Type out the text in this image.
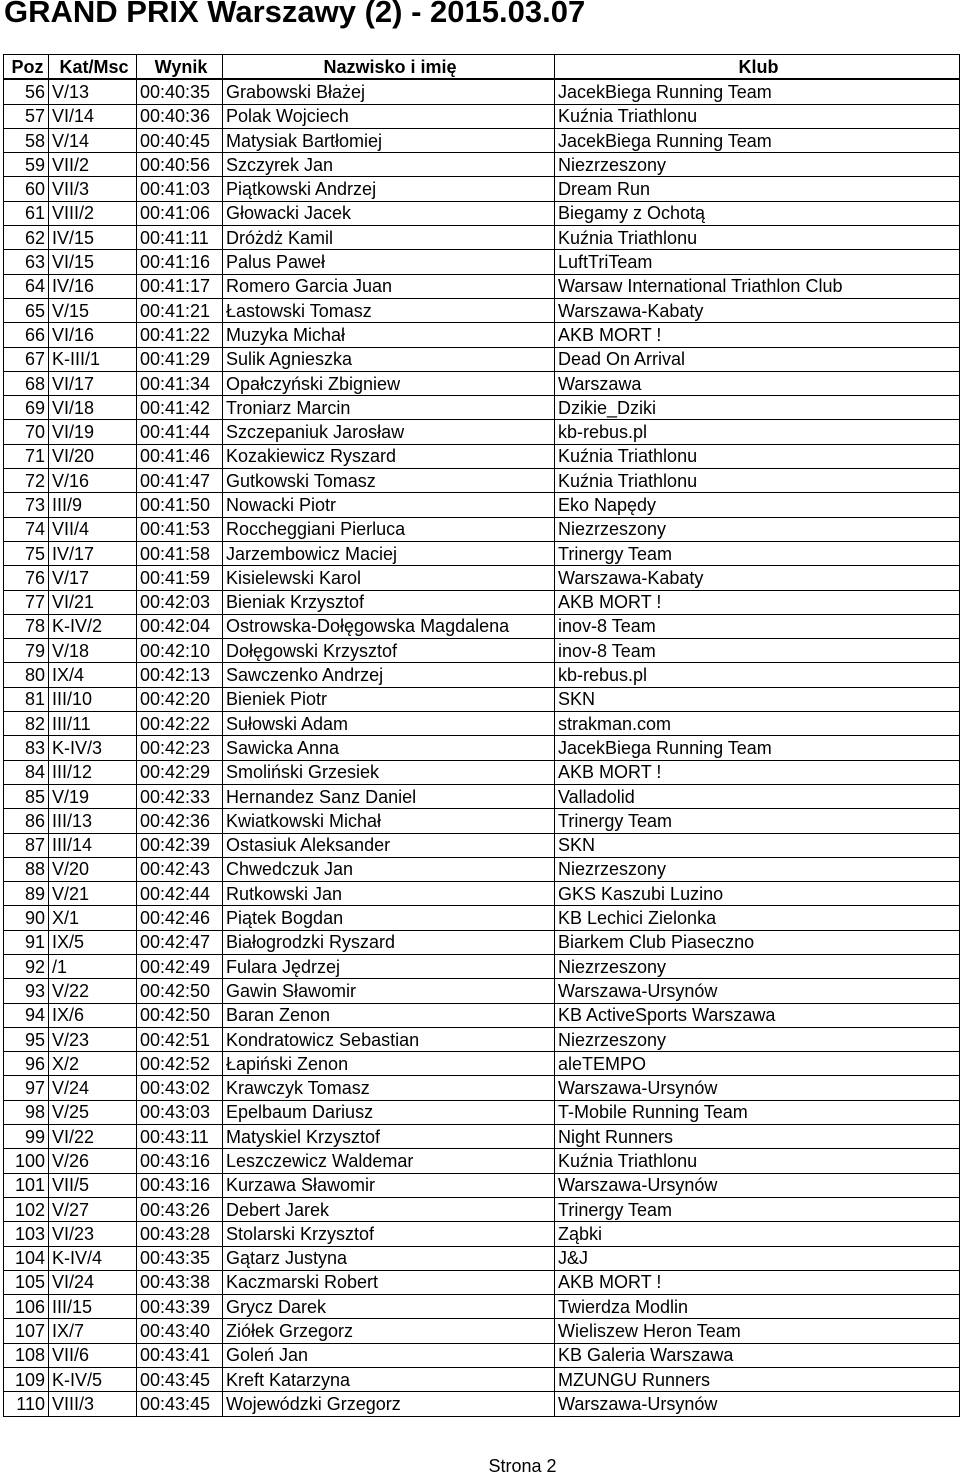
GRAND PRIX Warszawy (2) - 2015.03.07
Poz	Kat/Msc	Wynik	Nazwisko i imię	Klub
56	V/13	00:40:35	Grabowski Błażej	JacekBiega Running Team
57	VI/14	00:40:36	Polak Wojciech	Kuźnia Triathlonu
58	V/14	00:40:45	Matysiak Bartłomiej	JacekBiega Running Team
59	VII/2	00:40:56	Szczyrek Jan	Niezrzeszony
60	VII/3	00:41:03	Piątkowski Andrzej	Dream Run
61	VIII/2	00:41:06	Głowacki Jacek	Biegamy z Ochotą
62	IV/15	00:41:11	Dróżdż Kamil	Kuźnia Triathlonu
63	VI/15	00:41:16	Palus Paweł	LuftTriTeam
64	IV/16	00:41:17	Romero Garcia Juan	Warsaw International Triathlon Club
65	V/15	00:41:21	Łastowski Tomasz	Warszawa-Kabaty
66	VI/16	00:41:22	Muzyka Michał	AKB MORT !
67	K-III/1	00:41:29	Sulik Agnieszka	Dead On Arrival
68	VI/17	00:41:34	Opałczyński Zbigniew	Warszawa
69	VI/18	00:41:42	Troniarz Marcin	Dzikie_Dziki
70	VI/19	00:41:44	Szczepaniuk Jarosław	kb-rebus.pl
71	VI/20	00:41:46	Kozakiewicz Ryszard	Kuźnia Triathlonu
72	V/16	00:41:47	Gutkowski Tomasz	Kuźnia Triathlonu
73	III/9	00:41:50	Nowacki Piotr	Eko Napędy
74	VII/4	00:41:53	Roccheggiani Pierluca	Niezrzeszony
75	IV/17	00:41:58	Jarzembowicz Maciej	Trinergy Team
76	V/17	00:41:59	Kisielewski Karol	Warszawa-Kabaty
77	VI/21	00:42:03	Bieniak Krzysztof	AKB MORT !
78	K-IV/2	00:42:04	Ostrowska-Dołęgowska Magdalena	inov-8 Team
79	V/18	00:42:10	Dołęgowski Krzysztof	inov-8 Team
80	IX/4	00:42:13	Sawczenko Andrzej	kb-rebus.pl
81	III/10	00:42:20	Bieniek Piotr	SKN
82	III/11	00:42:22	Sułowski Adam	strakman.com
83	K-IV/3	00:42:23	Sawicka Anna	JacekBiega Running Team
84	III/12	00:42:29	Smoliński Grzesiek	AKB MORT !
85	V/19	00:42:33	Hernandez Sanz Daniel	Valladolid
86	III/13	00:42:36	Kwiatkowski Michał	Trinergy Team
87	III/14	00:42:39	Ostasiuk Aleksander	SKN
88	V/20	00:42:43	Chwedczuk Jan	Niezrzeszony
89	V/21	00:42:44	Rutkowski Jan	GKS Kaszubi Luzino
90	X/1	00:42:46	Piątek Bogdan	KB Lechici Zielonka
91	IX/5	00:42:47	Białogrodzki Ryszard	Biarkem Club Piaseczno
92	/1	00:42:49	Fulara Jędrzej	Niezrzeszony
93	V/22	00:42:50	Gawin Sławomir	Warszawa-Ursynów
94	IX/6	00:42:50	Baran Zenon	KB ActiveSports Warszawa
95	V/23	00:42:51	Kondratowicz Sebastian	Niezrzeszony
96	X/2	00:42:52	Łapiński Zenon	aleTEMPO
97	V/24	00:43:02	Krawczyk Tomasz	Warszawa-Ursynów
98	V/25	00:43:03	Epelbaum Dariusz	T-Mobile Running Team
99	VI/22	00:43:11	Matyskiel Krzysztof	Night Runners
100	V/26	00:43:16	Leszczewicz Waldemar	Kuźnia Triathlonu
101	VII/5	00:43:16	Kurzawa Sławomir	Warszawa-Ursynów
102	V/27	00:43:26	Debert Jarek	Trinergy Team
103	VI/23	00:43:28	Stolarski Krzysztof	Ząbki
104	K-IV/4	00:43:35	Gątarz Justyna	J&J
105	VI/24	00:43:38	Kaczmarski Robert	AKB MORT !
106	III/15	00:43:39	Grycz Darek	Twierdza Modlin
107	IX/7	00:43:40	Ziółek Grzegorz	Wieliszew Heron Team
108	VII/6	00:43:41	Goleń Jan	KB Galeria Warszawa
109	K-IV/5	00:43:45	Kreft Katarzyna	MZUNGU Runners
110	VIII/3	00:43:45	Wojewódzki Grzegorz	Warszawa-Ursynów
Strona 2
